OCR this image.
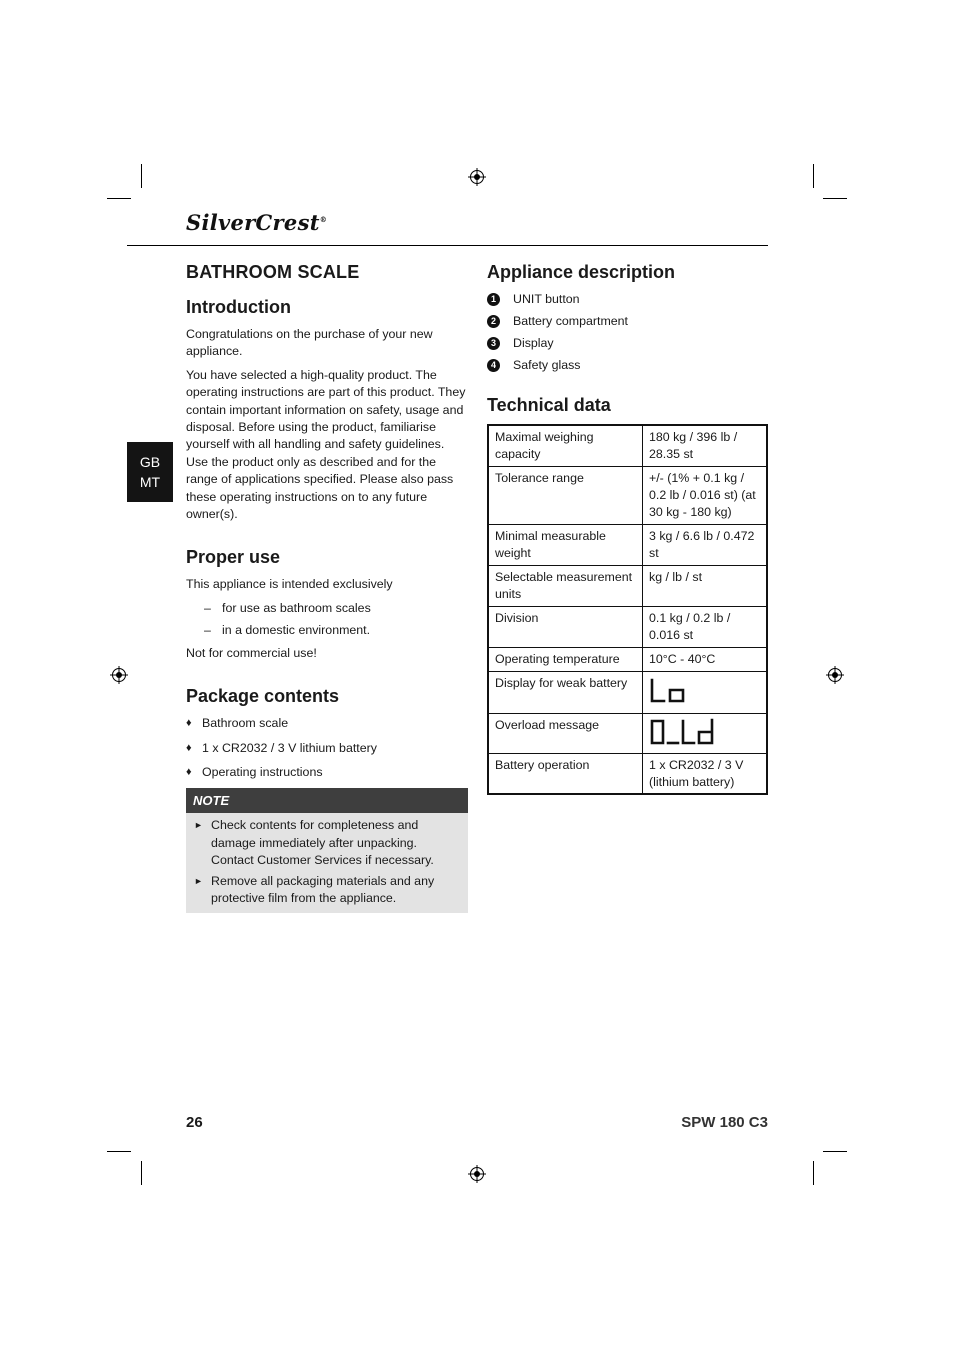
SilverCrest®
GB
MT
BATHROOM SCALE
Introduction

Congratulations on the purchase of your new appliance.

You have selected a high-quality product. The operating instructions are part of this product. They contain important information on safety, usage and disposal. Before using the product, familiarise yourself with all handling and safety guidelines. Use the product only as described and for the range of applications specified. Please also pass these operating instructions on to any future owner(s).

Proper use

This appliance is intended exclusively

– for use as bathroom scales
– in a domestic environment.

Not for commercial use!

Package contents
♦ Bathroom scale
♦ 1 x CR2032 / 3 V lithium battery
♦ Operating instructions
NOTE
► Check contents for completeness and damage immediately after unpacking. Contact Customer Services if necessary.
► Remove all packaging materials and any protective film from the appliance.
Appliance description
1	UNIT button
2	Battery compartment
3	Display
4	Safety glass
Technical data
Maximal weighing capacity	180 kg / 396 lb / 28.35 st
Tolerance range	+/- (1% + 0.1 kg / 0.2 lb / 0.016 st) (at 30 kg - 180 kg)
Minimal measurable weight	3 kg / 6.6 lb / 0.472 st
Selectable measurement units	kg / lb / st
Division	0.1 kg / 0.2 lb / 0.016 st
Operating temperature	10°C - 40°C
Display for weak battery	

Overload message	

Battery operation	1 x CR2032 / 3 V (lithium battery)
26	SPW 180 C3
